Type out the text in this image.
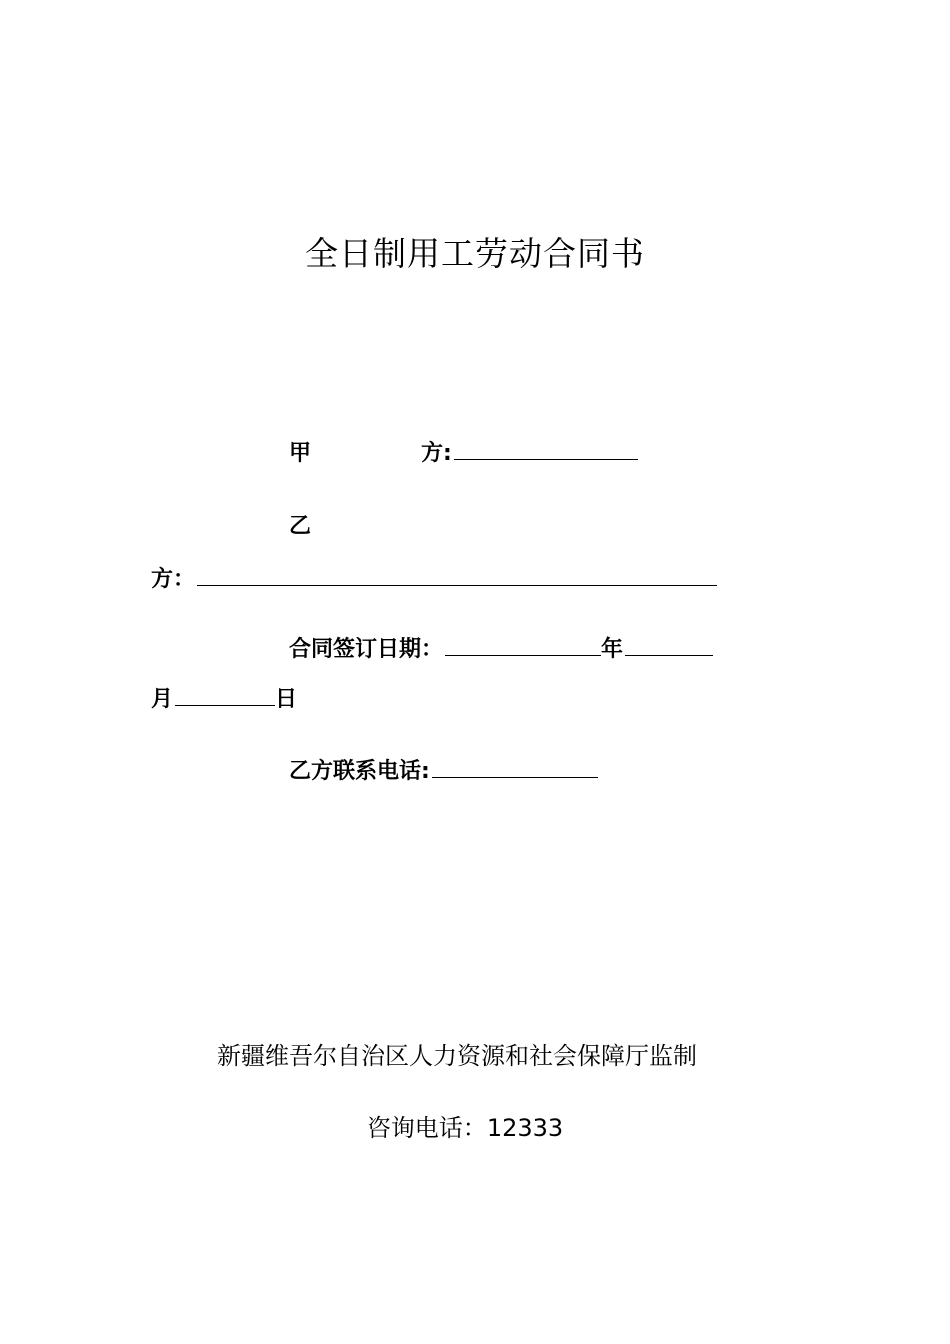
全日制用工劳动合同书
甲	方:
乙
方：
合同签订日期：	年
月	日
乙方联系电话:
新疆维吾尔自治区人力资源和社会保障厅监制
咨询电话：12333
